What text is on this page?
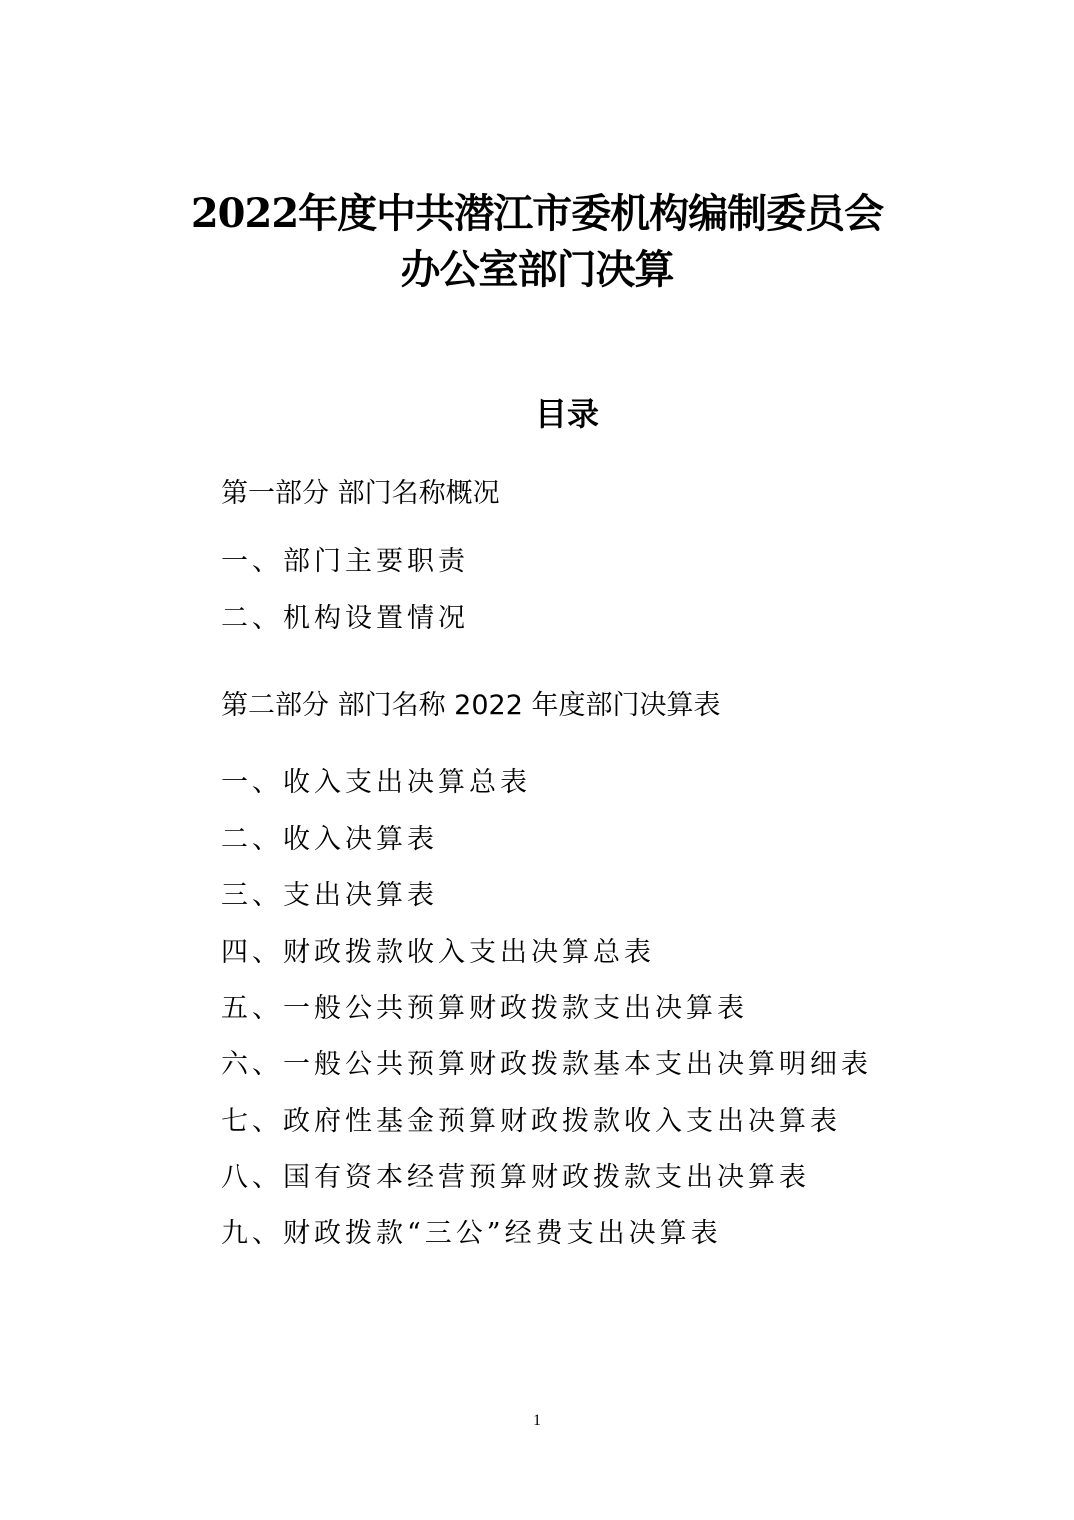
2022年度中共潜江市委机构编制委员会
办公室部门决算
目录
第一部分 部门名称概况
一、部门主要职责
二、机构设置情况
第二部分 部门名称 2022 年度部门决算表
一、收入支出决算总表
二、收入决算表
三、支出决算表
四、财政拨款收入支出决算总表
五、一般公共预算财政拨款支出决算表
六、一般公共预算财政拨款基本支出决算明细表
七、政府性基金预算财政拨款收入支出决算表
八、国有资本经营预算财政拨款支出决算表
九、财政拨款“三公”经费支出决算表
1
